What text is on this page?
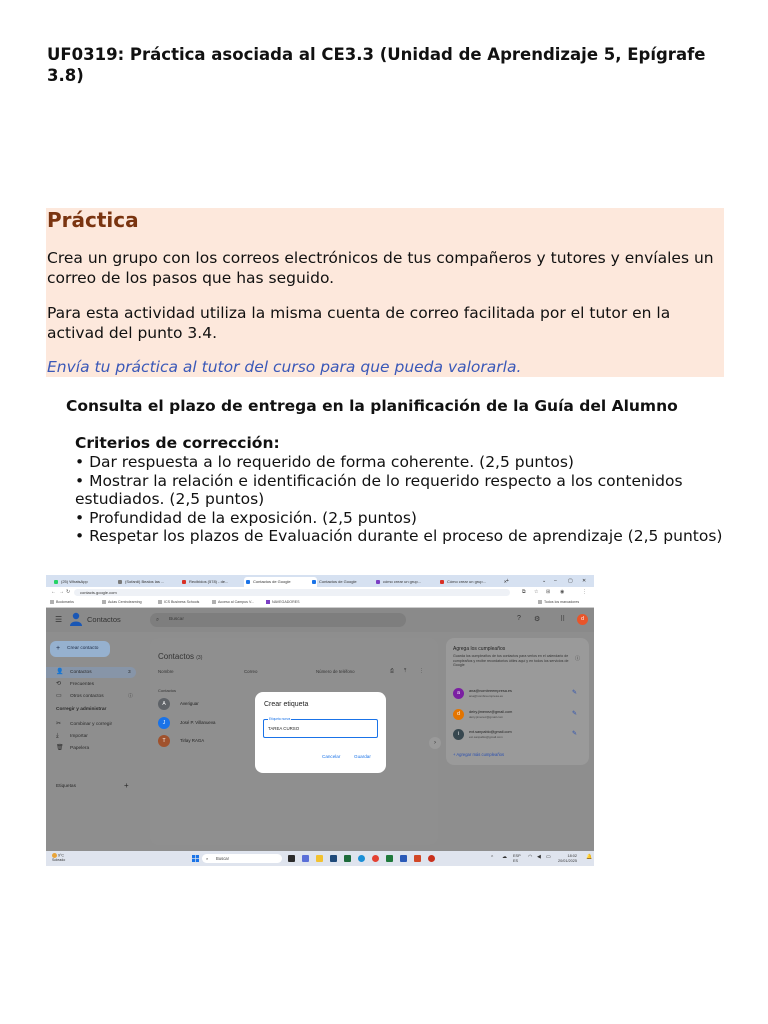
UF0319: Práctica asociada al CE3.3 (Unidad de Aprendizaje 5, Epígrafe 3.8)
Práctica

Crea un grupo con los correos electrónicos de tus compañeros y tutores y envíales un correo de los pasos que has seguido.

Para esta actividad utiliza la misma cuenta de correo facilitada por el tutor en la activad del punto 3.4.

Envía tu práctica al tutor del curso para que pueda valorarla.

Consulta el plazo de entrega en la planificación de la Guía del Alumno

Criterios de corrección:

• Dar respuesta a lo requerido de forma coherente. (2,5 puntos)
• Mostrar la relación e identificación de lo requerido respecto a los contenidos estudiados. (2,5 puntos)
• Profundidad de la exposición. (2,5 puntos)
• Respetar los plazos de Evaluación durante el proceso de aprendizaje (2,5 puntos)
(25) WhatsApp	(Sofardi) Bealos las ...	Recibidos (578) - de...	Contactos de Google	Contactos de Google	cómo crear un grup...	Cómo crear un grup...	✕ +	⌄ – ▢ ✕
← → ↻	contacts.google.com	⧉ ☆ ⊞ ◉	⋮
Bookmarks	Aulas Centrolearning	ICS Business Schools	Acceso al Campus V...	NAVEGADORES	Todos los marcadores
☰	Contactos	⌕ Buscar	? ⚙	⠿	d
+ Crear contacto
👤 Contactos	3
⟲ Frecuentes
▭ Otros contactos	ⓘ
Corregir y administrar
✂ Combinar y corregir
⤓ Importar
🗑 Papelera
Etiquetas	+
Contactos (3)
Nombre	Correo	Número de teléfono	⎙ ⤒	⋮
Contactos
A	Averiguar
J	José P. Villanueva
T	Tirlay RAGA	›
Crear etiqueta
Etiqueta nueva
TAREA CURSO
Cancelar	Guardar
Agrega los cumpleaños
ⓘ
Guarda los cumpleaños de tus contactos para verlos en el calendario de cumpleaños y recibe recordatorios útiles aquí y en todos los servicios de Google
a	ana@nombreempresa.es
ana@nombreempresa.es	✎
d	deiry.jimenez@gmail.com
deiry.jimenez@gmail.com	✎
i	ext.sanpablo@gmail.com
ext.sanpablo@gmail.com	✎
+ Agregar más cumpleaños
9°C
Soleado	⌕ Buscar	⌃ ☁ ESP
ES
◠ ◀ ▭	18:02
20/01/2025
🔔
